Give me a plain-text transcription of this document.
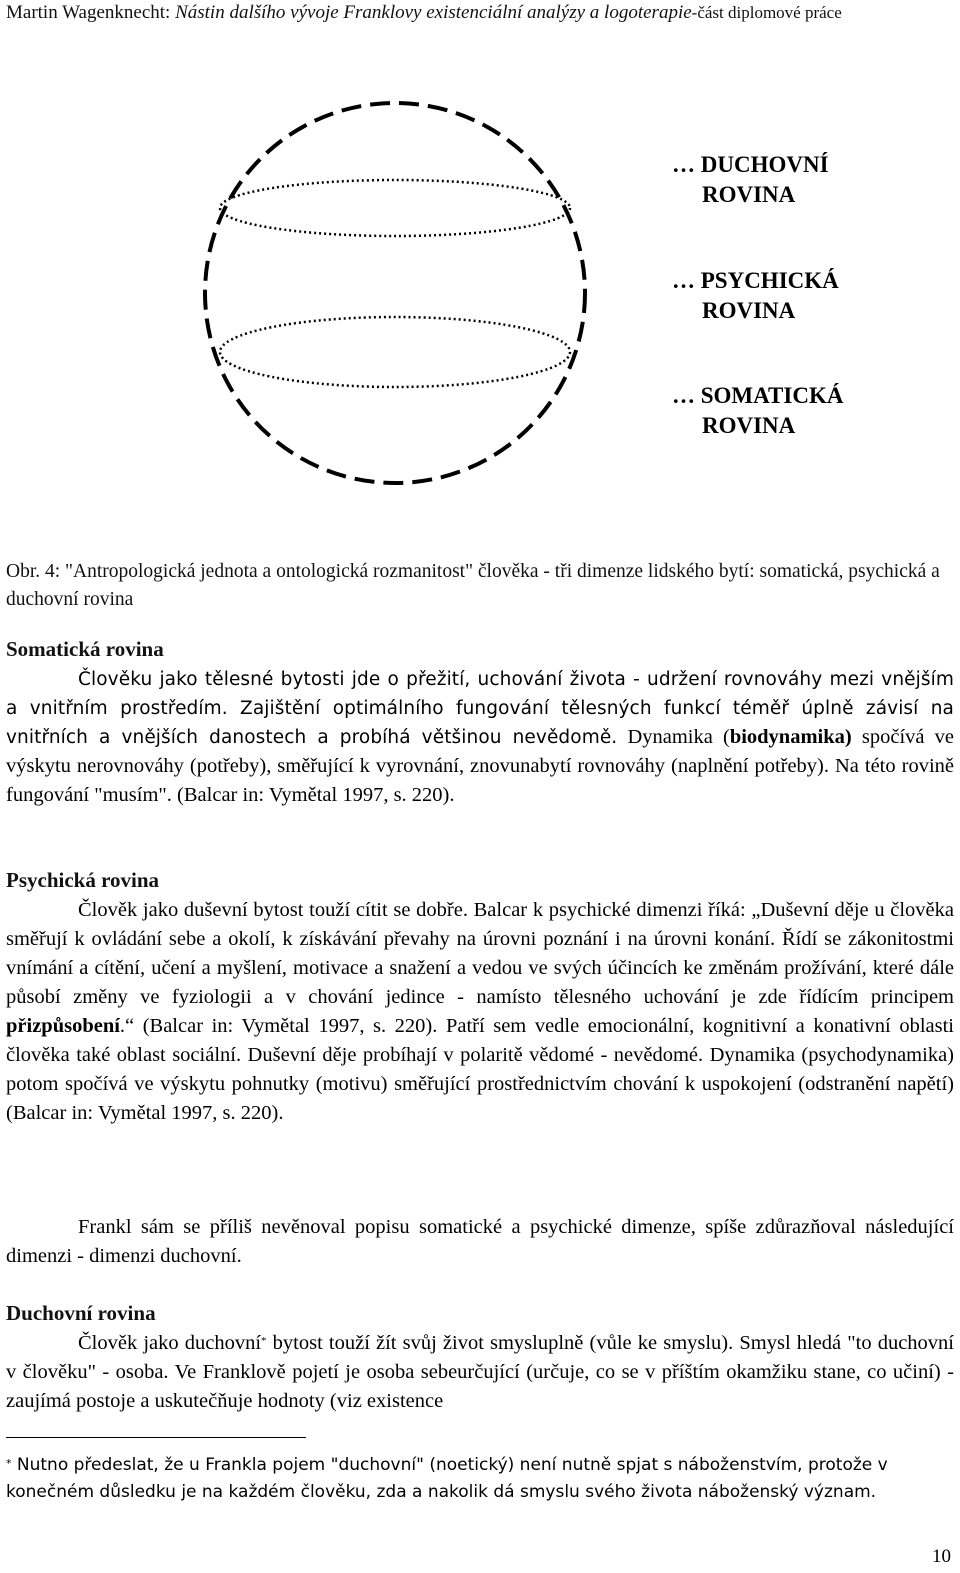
Martin Wagenknecht: Nástin dalšího vývoje Franklovy existenciální analýzy a logoterapie-část diplomové práce
… DUCHOVNÍ
ROVINA
… PSYCHICKÁ
ROVINA
… SOMATICKÁ
ROVINA
Obr. 4: "Antropologická jednota a ontologická rozmanitost" člověka - tři dimenze lidského bytí: somatická, psychická a duchovní rovina
Somatická rovina
Člověku jako tělesné bytosti jde o přežití, uchování života - udržení rovnováhy mezi vnějším a vnitřním prostředím. Zajištění optimálního fungování tělesných funkcí téměř úplně závisí na vnitřních a vnějších danostech a probíhá většinou nevědomě. Dynamika (biodynamika) spočívá ve výskytu nerovnováhy (potřeby), směřující k vyrovnání, znovunabytí rovnováhy (naplnění potřeby). Na této rovině fungování "musím". (Balcar in: Vymětal 1997, s. 220).
Psychická rovina
Člověk jako duševní bytost touží cítit se dobře. Balcar k psychické dimenzi říká: „Duševní děje u člověka směřují k ovládání sebe a okolí, k získávání převahy na úrovni poznání i na úrovni konání. Řídí se zákonitostmi vnímání a cítění, učení a myšlení, motivace a snažení a vedou ve svých účincích ke změnám prožívání, které dále působí změny ve fyziologii a v chování jedince - namísto tělesného uchování je zde řídícím principem přizpůsobení.“ (Balcar in: Vymětal 1997, s. 220). Patří sem vedle emocionální, kognitivní a konativní oblasti člověka také oblast sociální. Duševní děje probíhají v polaritě vědomé - nevědomé. Dynamika (psychodynamika) potom spočívá ve výskytu pohnutky (motivu) směřující prostřednictvím chování k uspokojení (odstranění napětí) (Balcar in: Vymětal 1997, s. 220).
Frankl sám se příliš nevěnoval popisu somatické a psychické dimenze, spíše zdůrazňoval následující dimenzi - dimenzi duchovní.
Duchovní rovina
Člověk jako duchovní* bytost touží žít svůj život smysluplně (vůle ke smyslu). Smysl hledá "to duchovní v člověku" - osoba. Ve Franklově pojetí je osoba sebeurčující (určuje, co se v příštím okamžiku stane, co učiní) - zaujímá postoje a uskutečňuje hodnoty (viz existence
* Nutno předeslat, že u Frankla pojem "duchovní" (noetický) není nutně spjat s náboženstvím, protože v konečném důsledku je na každém člověku, zda a nakolik dá smyslu svého života náboženský význam.
10
